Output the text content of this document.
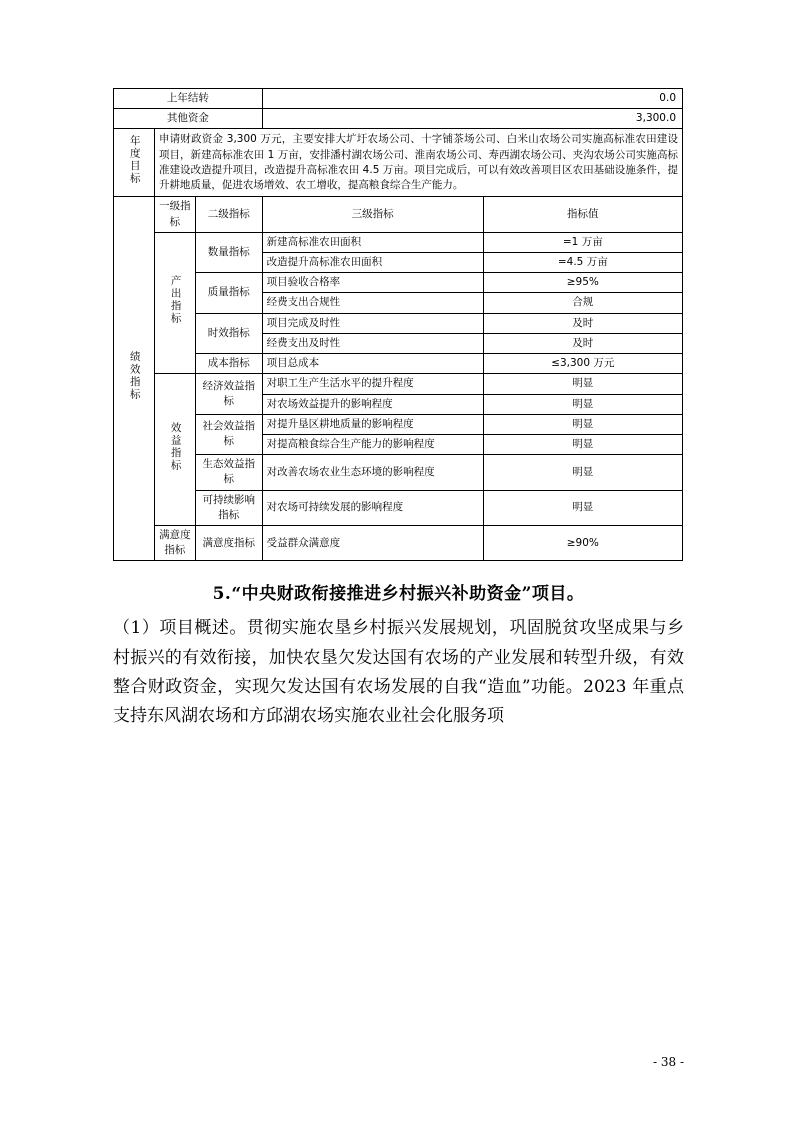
上年结转			0.0	
其他资金			3,300.0	
年度目标	申请财政资金 3,300 万元，主要安排大圹圩农场公司、十字铺茶场公司、白米山农场公司实施高标准农田建设项目，新建高标准农田 1 万亩，安排潘村湖农场公司、淮南农场公司、寿西湖农场公司、夹沟农场公司实施高标准建设改造提升项目，改造提升高标准农田 4.5 万亩。项目完成后，可以有效改善项目区农田基础设施条件，提升耕地质量，促进农场增效、农工增收，提高粮食综合生产能力。			
绩效指标	一级指标	二级指标	三级指标	指标值
	产出指标	数量指标	新建高标准农田面积	=1 万亩
			改造提升高标准农田面积	=4.5 万亩
		质量指标	项目验收合格率	≥95%
			经费支出合规性	合规
		时效指标	项目完成及时性	及时
			经费支出及时性	及时
		成本指标	项目总成本	≤3,300 万元
	效益指标	经济效益指标	对职工生产生活水平的提升程度	明显
			对农场效益提升的影响程度	明显
		社会效益指标	对提升垦区耕地质量的影响程度	明显
			对提高粮食综合生产能力的影响程度	明显
		生态效益指标	对改善农场农业生态环境的影响程度	明显
		可持续影响指标	对农场可持续发展的影响程度	明显
	满意度指标	满意度指标	受益群众满意度	≥90%
5.“中央财政衔接推进乡村振兴补助资金”项目。
（1）项目概述。贯彻实施农垦乡村振兴发展规划，巩固脱贫攻坚成果与乡村振兴的有效衔接，加快农垦欠发达国有农场的产业发展和转型升级，有效整合财政资金，实现欠发达国有农场发展的自我“造血”功能。2023 年重点支持东风湖农场和方邱湖农场实施农业社会化服务项
- 38 -
